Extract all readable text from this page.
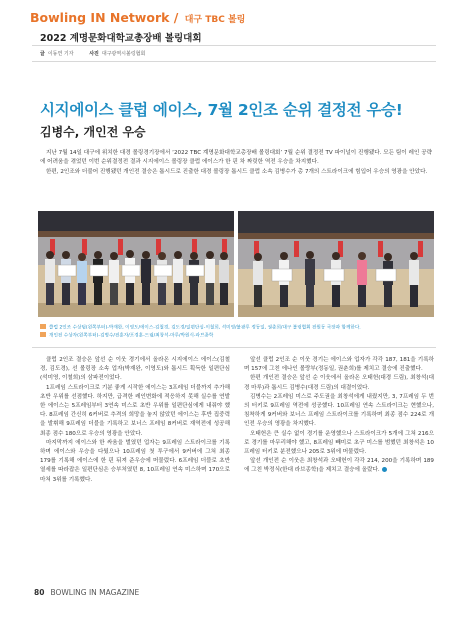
Bowling IN Network / 대구 TBC 볼링
2022 계명문화대학교총장배 볼링대회
글 이동연 기자	사진 대구광역시볼링협회
시지에이스 클럽 에이스, 7월 2인조 순위 결정전 우승!
김병수, 개인전 우승

지난 7월 14일 대구에 위치한 대경 볼링경기장에서 ‘2022 TBC 계명문화대학교총장배 볼링대회’ 7월 순위 결정전 TV 파이널이 진행됐다. 모든 팀이 레인 공략에 어려움을 겪었던 이번 순위결정전 결과 시지에이스 볼링장 클럽 에이스가 한 핀 차 짜릿한 역전 우승을 차지했다.

한편, 2인조와 더불어 진행됐던 개인전 결승은 톱시드로 진출한 대경 볼링장 톱시드 클럽 소속 김병수가 총 7개의 스트라이크에 힘입어 우승의 영광을 안았다.

클럽 2인조 수상팀(왼쪽부터)-박재완, 이영도/에이스-김철경, 김도경/일편단심-이철희, 석미영/불광루 정동일, 권춘희/대구 볼링협회 전원동 국장과 함께한다.
개인전 수상자(왼쪽부터)-김병수/전훈자/포경훈-드림/최창석-마루/박원식-라브종학

클럽 2인조 결승은 앞선 순 이웃 경기에서 올라온 시지에이스 에이스(김철경, 김도경), 선 볼링장 소속 업자(박재완, 이영도)와 톱시드 획득한 일편단심(석미영, 이철희)의 삼파전이었다.

1프레임 스트라이크로 기분 좋게 시작한 에이스는 3프레임 더블까지 추가해 초반 우위를 선점했다. 하지만, 급격한 레인변화에 적응하지 못해 실수를 연발한 에이스는 5프레임부터 3연속 미스로 초반 우위를 일편단심에게 내줘야 했다. 8프레임 간신히 6커버로 추격의 희망을 놓지 않았던 에이스는 후반 집중력을 발휘해 9프레임 더블을 기록하고 보너스 프레임 8커버로 재역전에 성공해 최종 점수 180으로 우승의 영광을 안았다.

마지막까지 에이스와 한 싸움을 벌였던 업자는 9프레임 스트라이크를 기록하며 에이스와 우승을 다퉜으나 10프레임 첫 투구에서 9커버에 그쳐 최종 179를 기록해 에이스에 한 핀 뒤져 준우승에 머물렀다. 6프레임 더블로 초반 열세를 따라잡은 일편단심은 승부처였던 8, 10프레임 연속 미스하며 170으로 마쳐 3위를 기록했다.

앞선 클럽 2인조 순 이웃 경기는 에이스와 업자가 각각 187, 181을 기록하며 157에 그친 에나인 볼랑부(정동일, 권춘희)를 제치고 결승에 진출했다.

한편 개인전 결승은 앞선 순 이웃에서 올라온 오태헌(대경 드림), 최창석(대경 마루)과 톱시드 김병수(대경 드림)의 대결이었다.

김병수는 2프레임 미스로 주도권을 최창석에게 내줬지만, 3, 7프레임 두 번의 터키로 9프레임 역전에 성공했다. 10프레임 연속 스트라이크는 현했으나, 침착하게 9커버와 보너스 프레임 스트라이크를 기록하며 최종 점수 224로 개인전 우승의 영광을 차지했다.

오태헌은 큰 실수 없이 경기를 운영했으나 스트라이크가 5개에 그쳐 216으로 경기를 마무리해야 했고, 8프레임 빼미로 초구 미스를 범했던 최창석은 10프레임 터키로 분전했으나 205로 3위에 머물렀다.

앞선 개인전 순 이웃은 최창석과 오태헌이 각각 214, 200을 기록하며 189에 그친 박정식(한대 라브종학)을 제치고 결승에 올랐다.

80 BOWLING IN MAGAZINE
